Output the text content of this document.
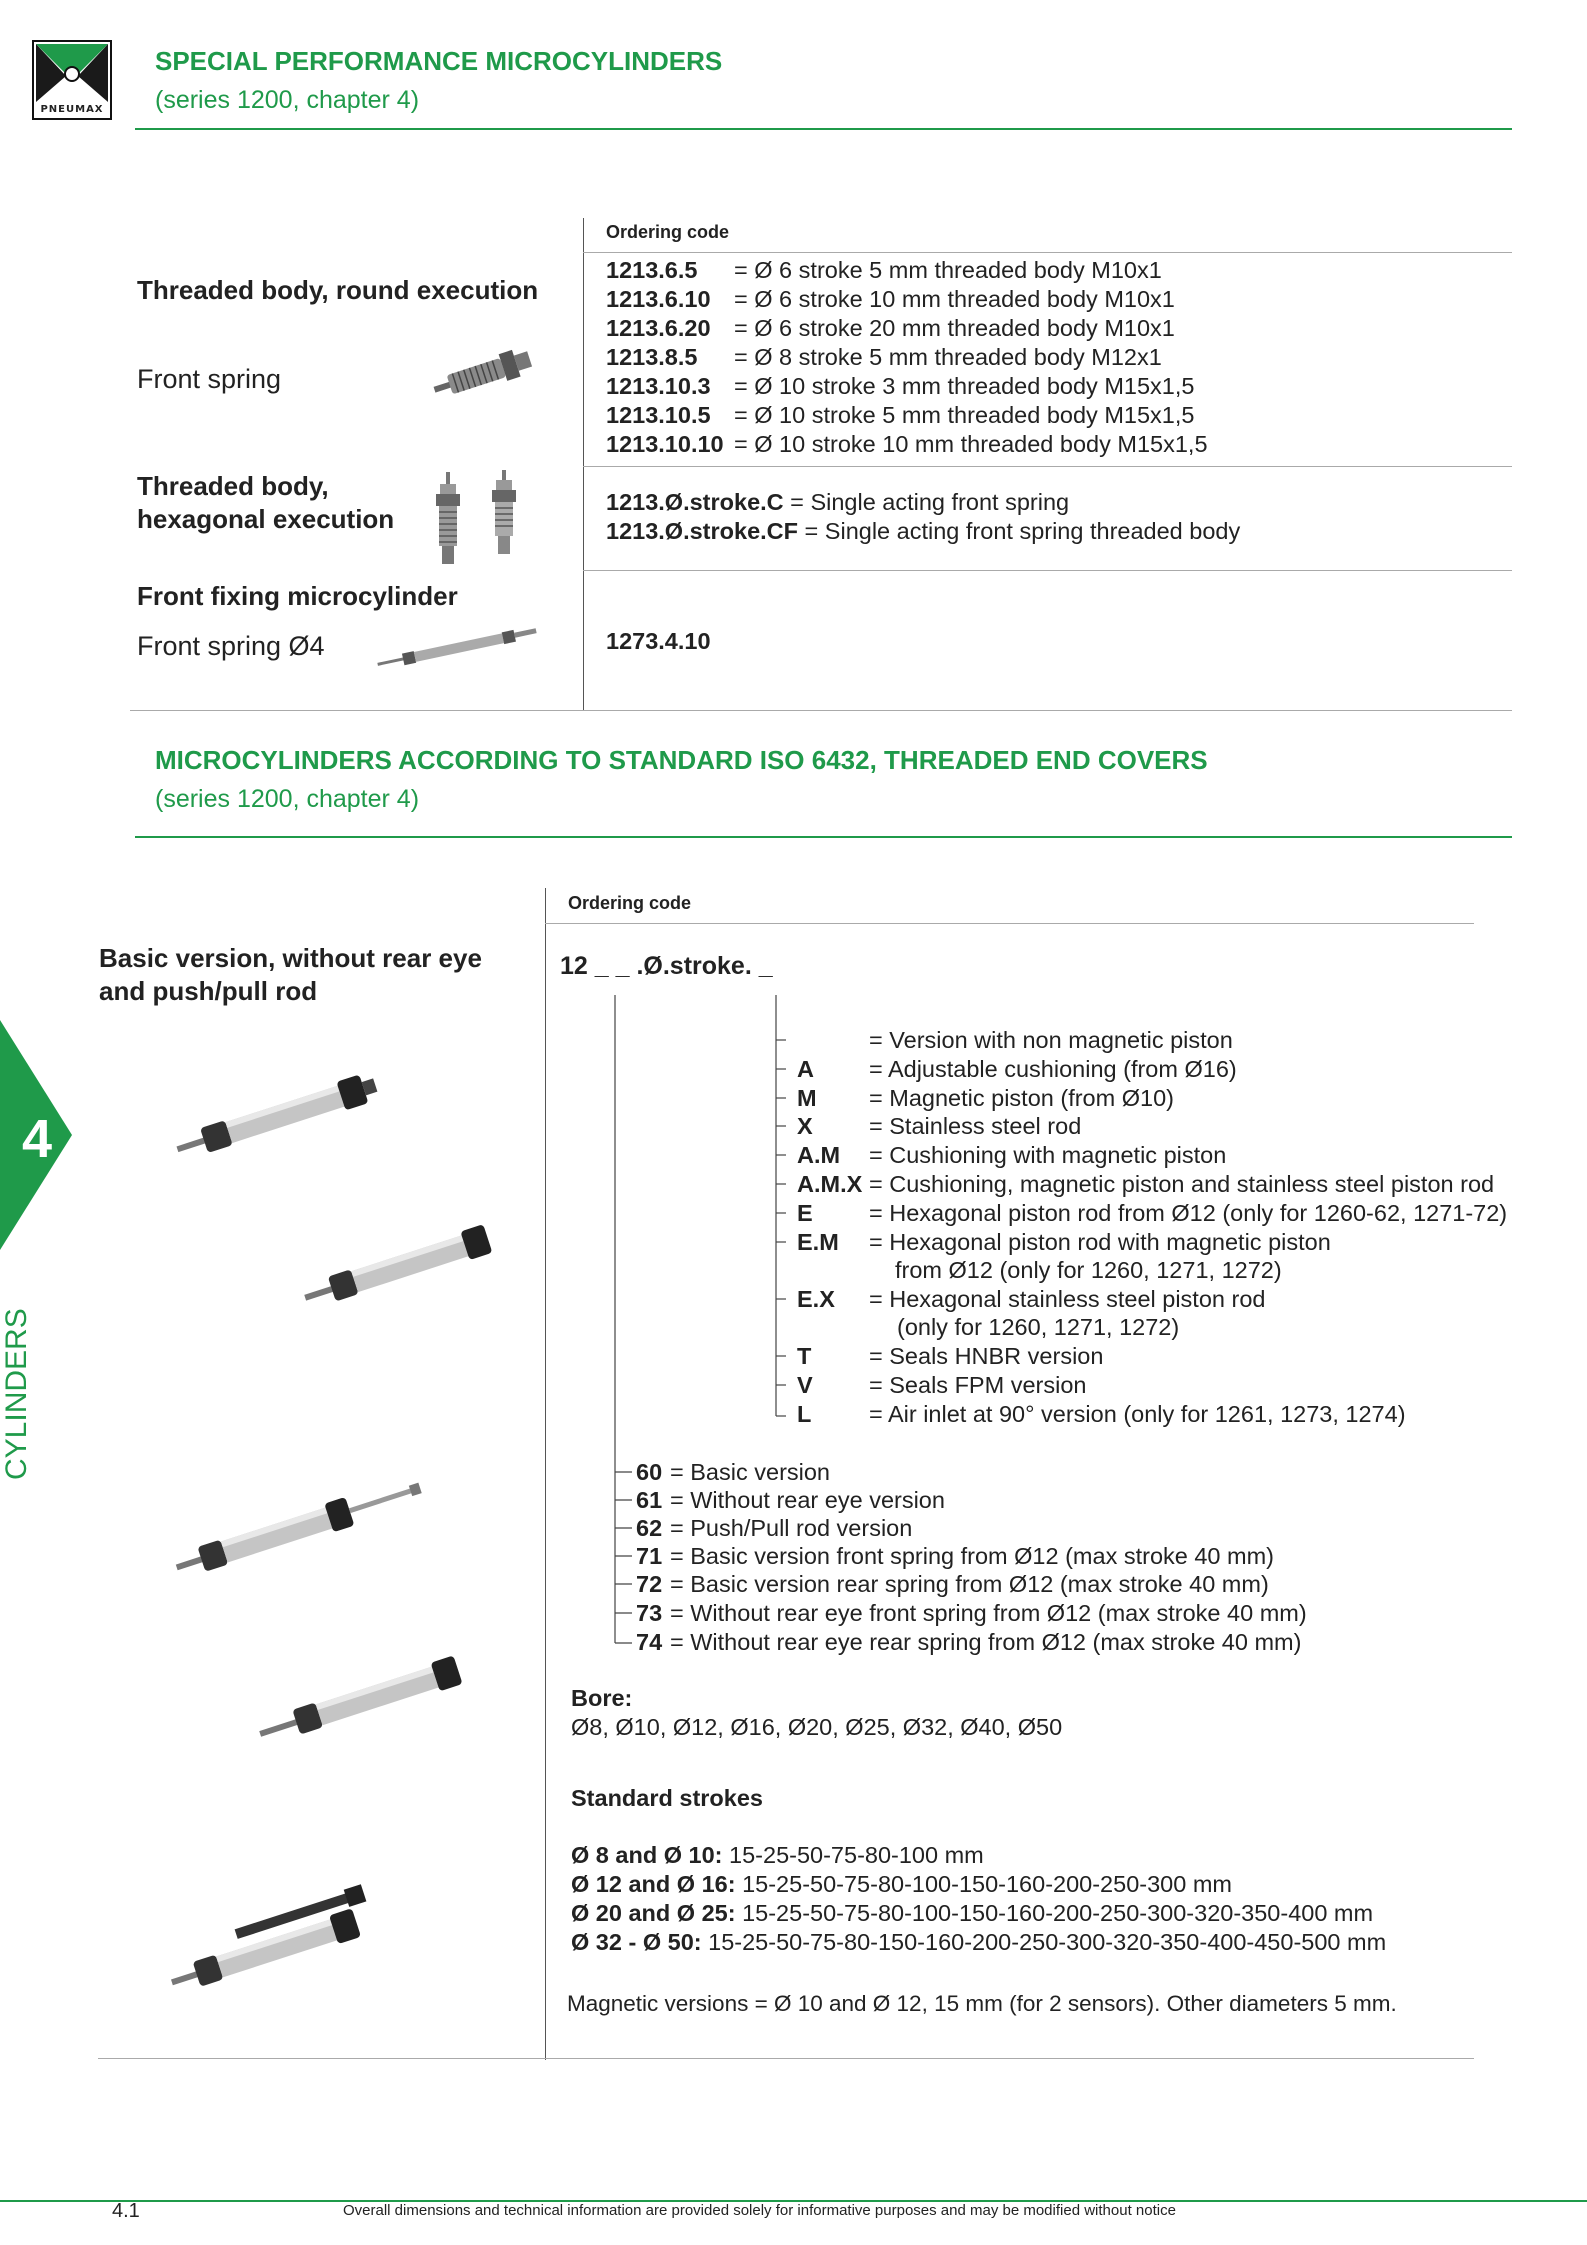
PNEUMAX
SPECIAL PERFORMANCE MICROCYLINDERS
(series 1200, chapter 4)
Ordering code
Threaded body, round execution
Front spring
1213.6.5 = Ø 6 stroke 5 mm threaded body M10x1
1213.6.10 = Ø 6 stroke 10 mm threaded body M10x1
1213.6.20 = Ø 6 stroke 20 mm threaded body M10x1
1213.8.5 = Ø 8 stroke 5 mm threaded body M12x1
1213.10.3 = Ø 10 stroke 3 mm threaded body M15x1,5
1213.10.5 = Ø 10 stroke 5 mm threaded body M15x1,5
1213.10.10 = Ø 10 stroke 10 mm threaded body M15x1,5
Threaded body,
hexagonal execution
1213.Ø.stroke.C = Single acting front spring
1213.Ø.stroke.CF = Single acting front spring threaded body
Front fixing microcylinder
Front spring Ø4	1273.4.10
MICROCYLINDERS ACCORDING TO STANDARD ISO 6432, THREADED END COVERS
(series 1200, chapter 4)
Ordering code
Basic version, without rear eye
and push/pull rod
12 _ _ .Ø.stroke. _
= Version with non magnetic piston
A = Adjustable cushioning (from Ø16)
M = Magnetic piston (from Ø10)
X = Stainless steel rod
A.M = Cushioning with magnetic piston
A.M.X = Cushioning, magnetic piston and stainless steel piston rod
E = Hexagonal piston rod from Ø12 (only for 1260-62, 1271-72)
E.M = Hexagonal piston rod with magnetic piston
from Ø12 (only for 1260, 1271, 1272)
E.X = Hexagonal stainless steel piston rod
(only for 1260, 1271, 1272)
T = Seals HNBR version
V = Seals FPM version
L = Air inlet at 90° version (only for 1261, 1273, 1274)
60 = Basic version
61 = Without rear eye version
62 = Push/Pull rod version
71 = Basic version front spring from Ø12 (max stroke 40 mm)
72 = Basic version rear spring from Ø12 (max stroke 40 mm)
73 = Without rear eye front spring from Ø12 (max stroke 40 mm)
74 = Without rear eye rear spring from Ø12 (max stroke 40 mm)
Bore:
Ø8, Ø10, Ø12, Ø16, Ø20, Ø25, Ø32, Ø40, Ø50
Standard strokes
Ø 8 and Ø 10: 15-25-50-75-80-100 mm
Ø 12 and Ø 16: 15-25-50-75-80-100-150-160-200-250-300 mm
Ø 20 and Ø 25: 15-25-50-75-80-100-150-160-200-250-300-320-350-400 mm
Ø 32 - Ø 50: 15-25-50-75-80-150-160-200-250-300-320-350-400-450-500 mm
Magnetic versions = Ø 10 and Ø 12, 15 mm (for 2 sensors). Other diameters 5 mm.
4
CYLINDERS
4.1	Overall dimensions and technical information are provided solely for informative purposes and may be modified without notice
